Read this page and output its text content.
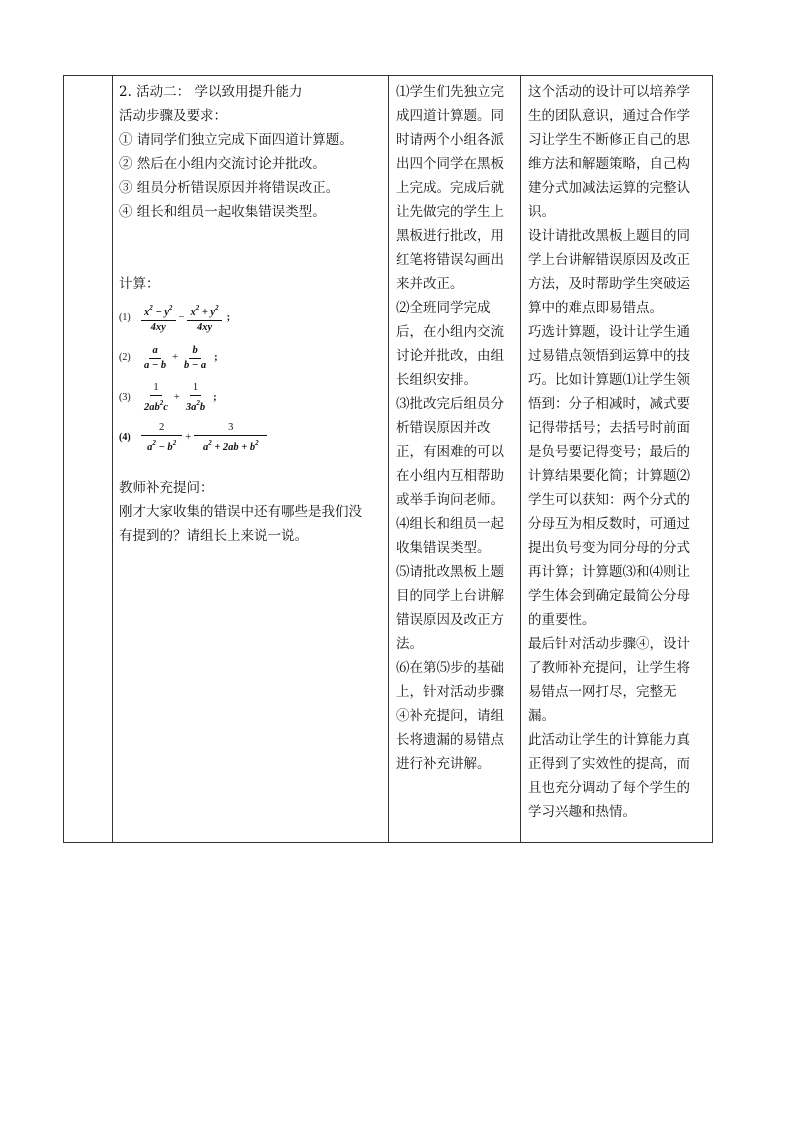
2. 活动二： 学以致用提升能力
活动步骤及要求：
① 请同学们独立完成下面四道计算题。
② 然后在小组内交流讨论并批改。
③ 组员分析错误原因并将错误改正。
④ 组长和组员一起收集错误类型。
计算：
$(1) \frac{x^2 - y^2}{4xy} - \frac{x^2 + y^2}{4xy}$ ;
$(2) \frac{a}{a - b} + \frac{b}{b - a}$ ;
$(3) \frac{1}{2ab^2c} + \frac{1}{3a^2b}$ ;
$(4) \frac{2}{a^2 - b^2} + \frac{3}{a^2 + 2ab + b^2}$
教师补充提问：
刚才大家收集的错误中还有哪些是我们没
有提到的？请组长上来说一说。
⑴学生们先独立完
成四道计算题。同
时请两个小组各派
出四个同学在黑板
上完成。完成后就
让先做完的学生上
黑板进行批改，用
红笔将错误勾画出
来并改正。
⑵全班同学完成
后，在小组内交流
讨论并批改，由组
长组织安排。
⑶批改完后组员分
析错误原因并改
正，有困难的可以
在小组内互相帮助
或举手询问老师。
⑷组长和组员一起
收集错误类型。
⑸请批改黑板上题
目的同学上台讲解
错误原因及改正方
法。
⑹在第⑸步的基础
上，针对活动步骤
④补充提问，请组
长将遗漏的易错点
进行补充讲解。
这个活动的设计可以培养学
生的团队意识，通过合作学
习让学生不断修正自己的思
维方法和解题策略，自己构
建分式加减法运算的完整认
识。
设计请批改黑板上题目的同
学上台讲解错误原因及改正
方法，及时帮助学生突破运
算中的难点即易错点。
巧选计算题，设计让学生通
过易错点领悟到运算中的技
巧。比如计算题⑴让学生领
悟到：分子相减时，减式要
记得带括号；去括号时前面
是负号要记得变号；最后的
计算结果要化简；计算题⑵
学生可以获知：两个分式的
分母互为相反数时，可通过
提出负号变为同分母的分式
再计算；计算题⑶和⑷则让
学生体会到确定最简公分母
的重要性。
最后针对活动步骤④，设计
了教师补充提问，让学生将
易错点一网打尽，完整无
漏。
此活动让学生的计算能力真
正得到了实效性的提高，而
且也充分调动了每个学生的
学习兴趣和热情。
